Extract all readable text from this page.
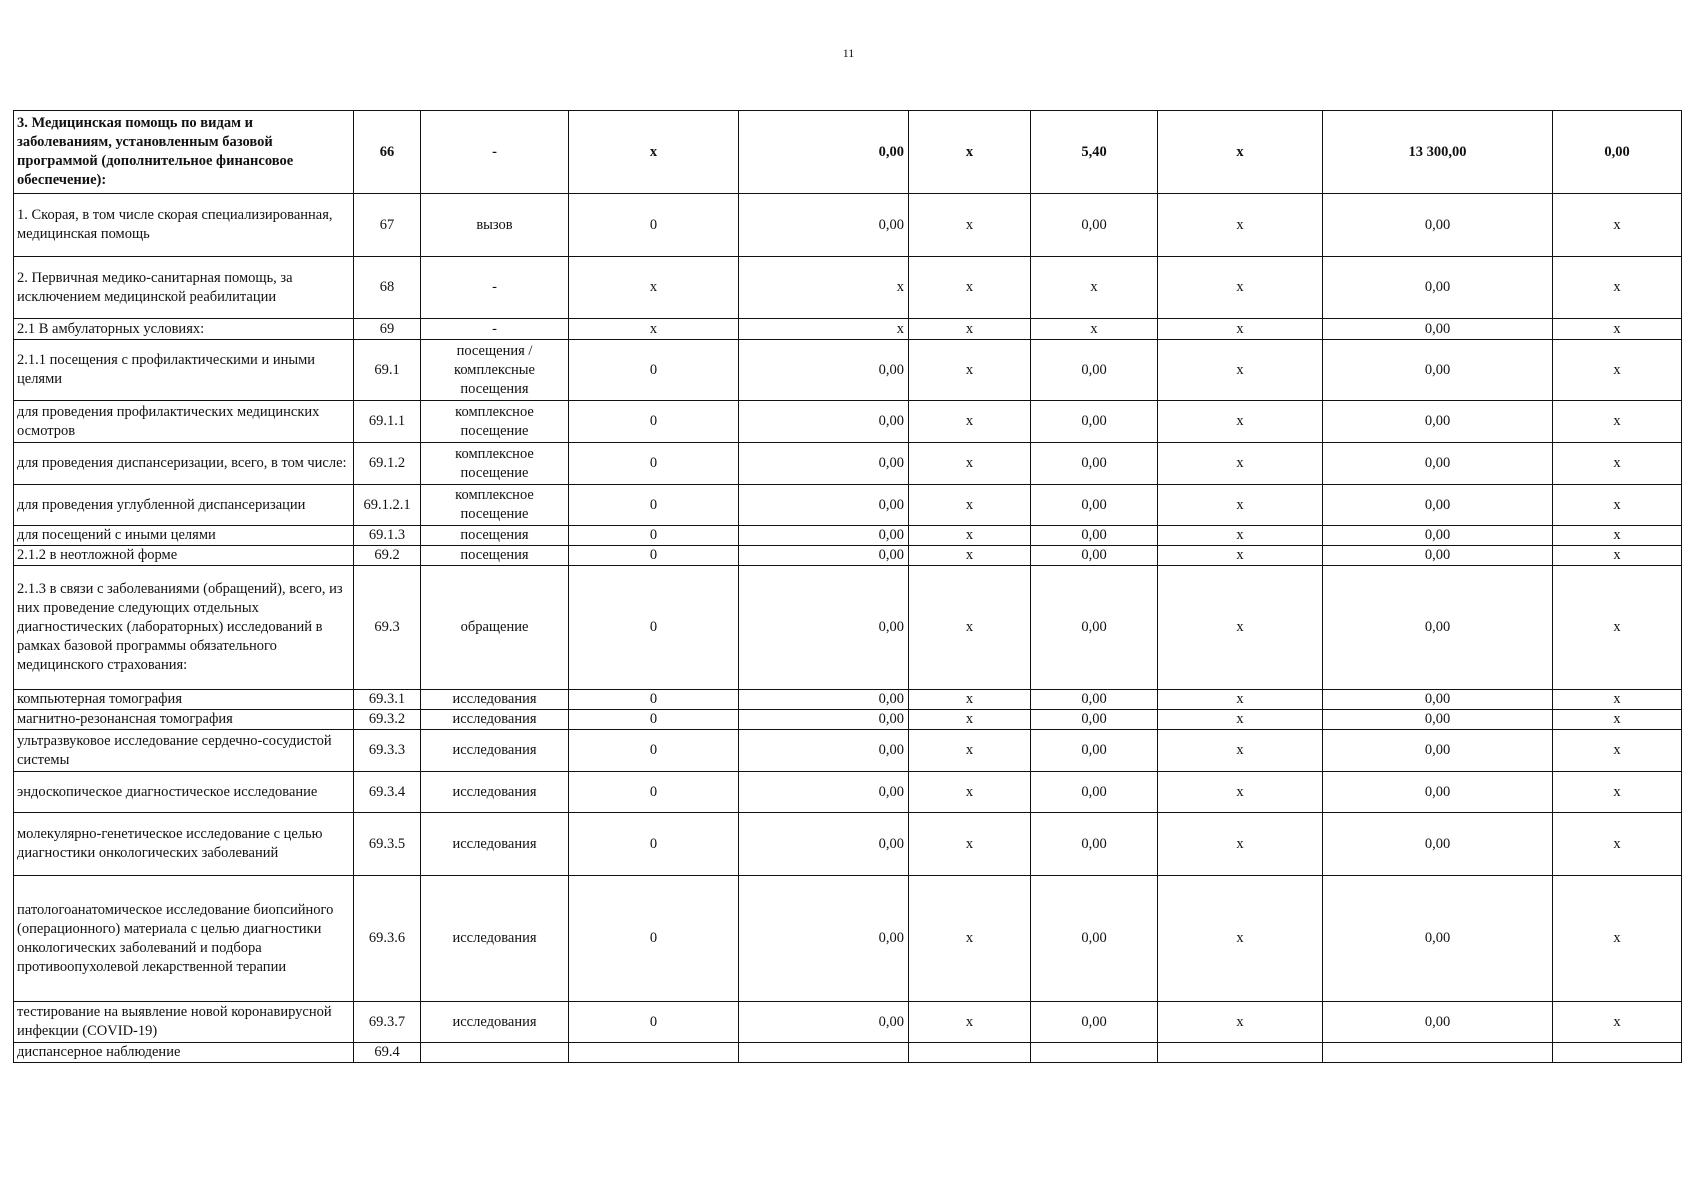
11
3. Медицинская помощь по видам и заболеваниям, установленным базовой программой (дополнительное финансовое обеспечение):	66	-	x	0,00	x	5,40	x	13 300,00	0,00
1. Скорая, в том числе скорая специализированная, медицинская помощь	67	вызов	0	0,00	x	0,00	x	0,00	x
2. Первичная медико-санитарная помощь, за исключением медицинской реабилитации	68	-	x	x	x	x	x	0,00	x
2.1 В амбулаторных условиях:	69	-	x	x	x	x	x	0,00	x
2.1.1 посещения с профилактическими и иными целями	69.1	посещения / комплексные посещения	0	0,00	x	0,00	x	0,00	x
для проведения профилактических медицинских осмотров	69.1.1	комплексное посещение	0	0,00	x	0,00	x	0,00	x
для проведения диспансеризации, всего, в том числе:	69.1.2	комплексное посещение	0	0,00	x	0,00	x	0,00	x
для проведения углубленной диспансеризации	69.1.2.1	комплексное посещение	0	0,00	x	0,00	x	0,00	x
для посещений с иными целями	69.1.3	посещения	0	0,00	x	0,00	x	0,00	x
2.1.2 в неотложной форме	69.2	посещения	0	0,00	x	0,00	x	0,00	x
2.1.3 в связи с заболеваниями (обращений), всего, из них проведение следующих отдельных диагностических (лабораторных) исследований в рамках базовой программы обязательного медицинского страхования:	69.3	обращение	0	0,00	x	0,00	x	0,00	x
компьютерная томография	69.3.1	исследования	0	0,00	x	0,00	x	0,00	x
магнитно-резонансная томография	69.3.2	исследования	0	0,00	x	0,00	x	0,00	x
ультразвуковое исследование сердечно-сосудистой системы	69.3.3	исследования	0	0,00	x	0,00	x	0,00	x
эндоскопическое диагностическое исследование	69.3.4	исследования	0	0,00	x	0,00	x	0,00	x
молекулярно-генетическое исследование с целью диагностики онкологических заболеваний	69.3.5	исследования	0	0,00	x	0,00	x	0,00	x
патологоанатомическое исследование биопсийного (операционного) материала с целью диагностики онкологических заболеваний и подбора противоопухолевой лекарственной терапии	69.3.6	исследования	0	0,00	x	0,00	x	0,00	x
тестирование на выявление новой коронавирусной инфекции (COVID-19)	69.3.7	исследования	0	0,00	x	0,00	x	0,00	x
диспансерное наблюдение	69.4								
